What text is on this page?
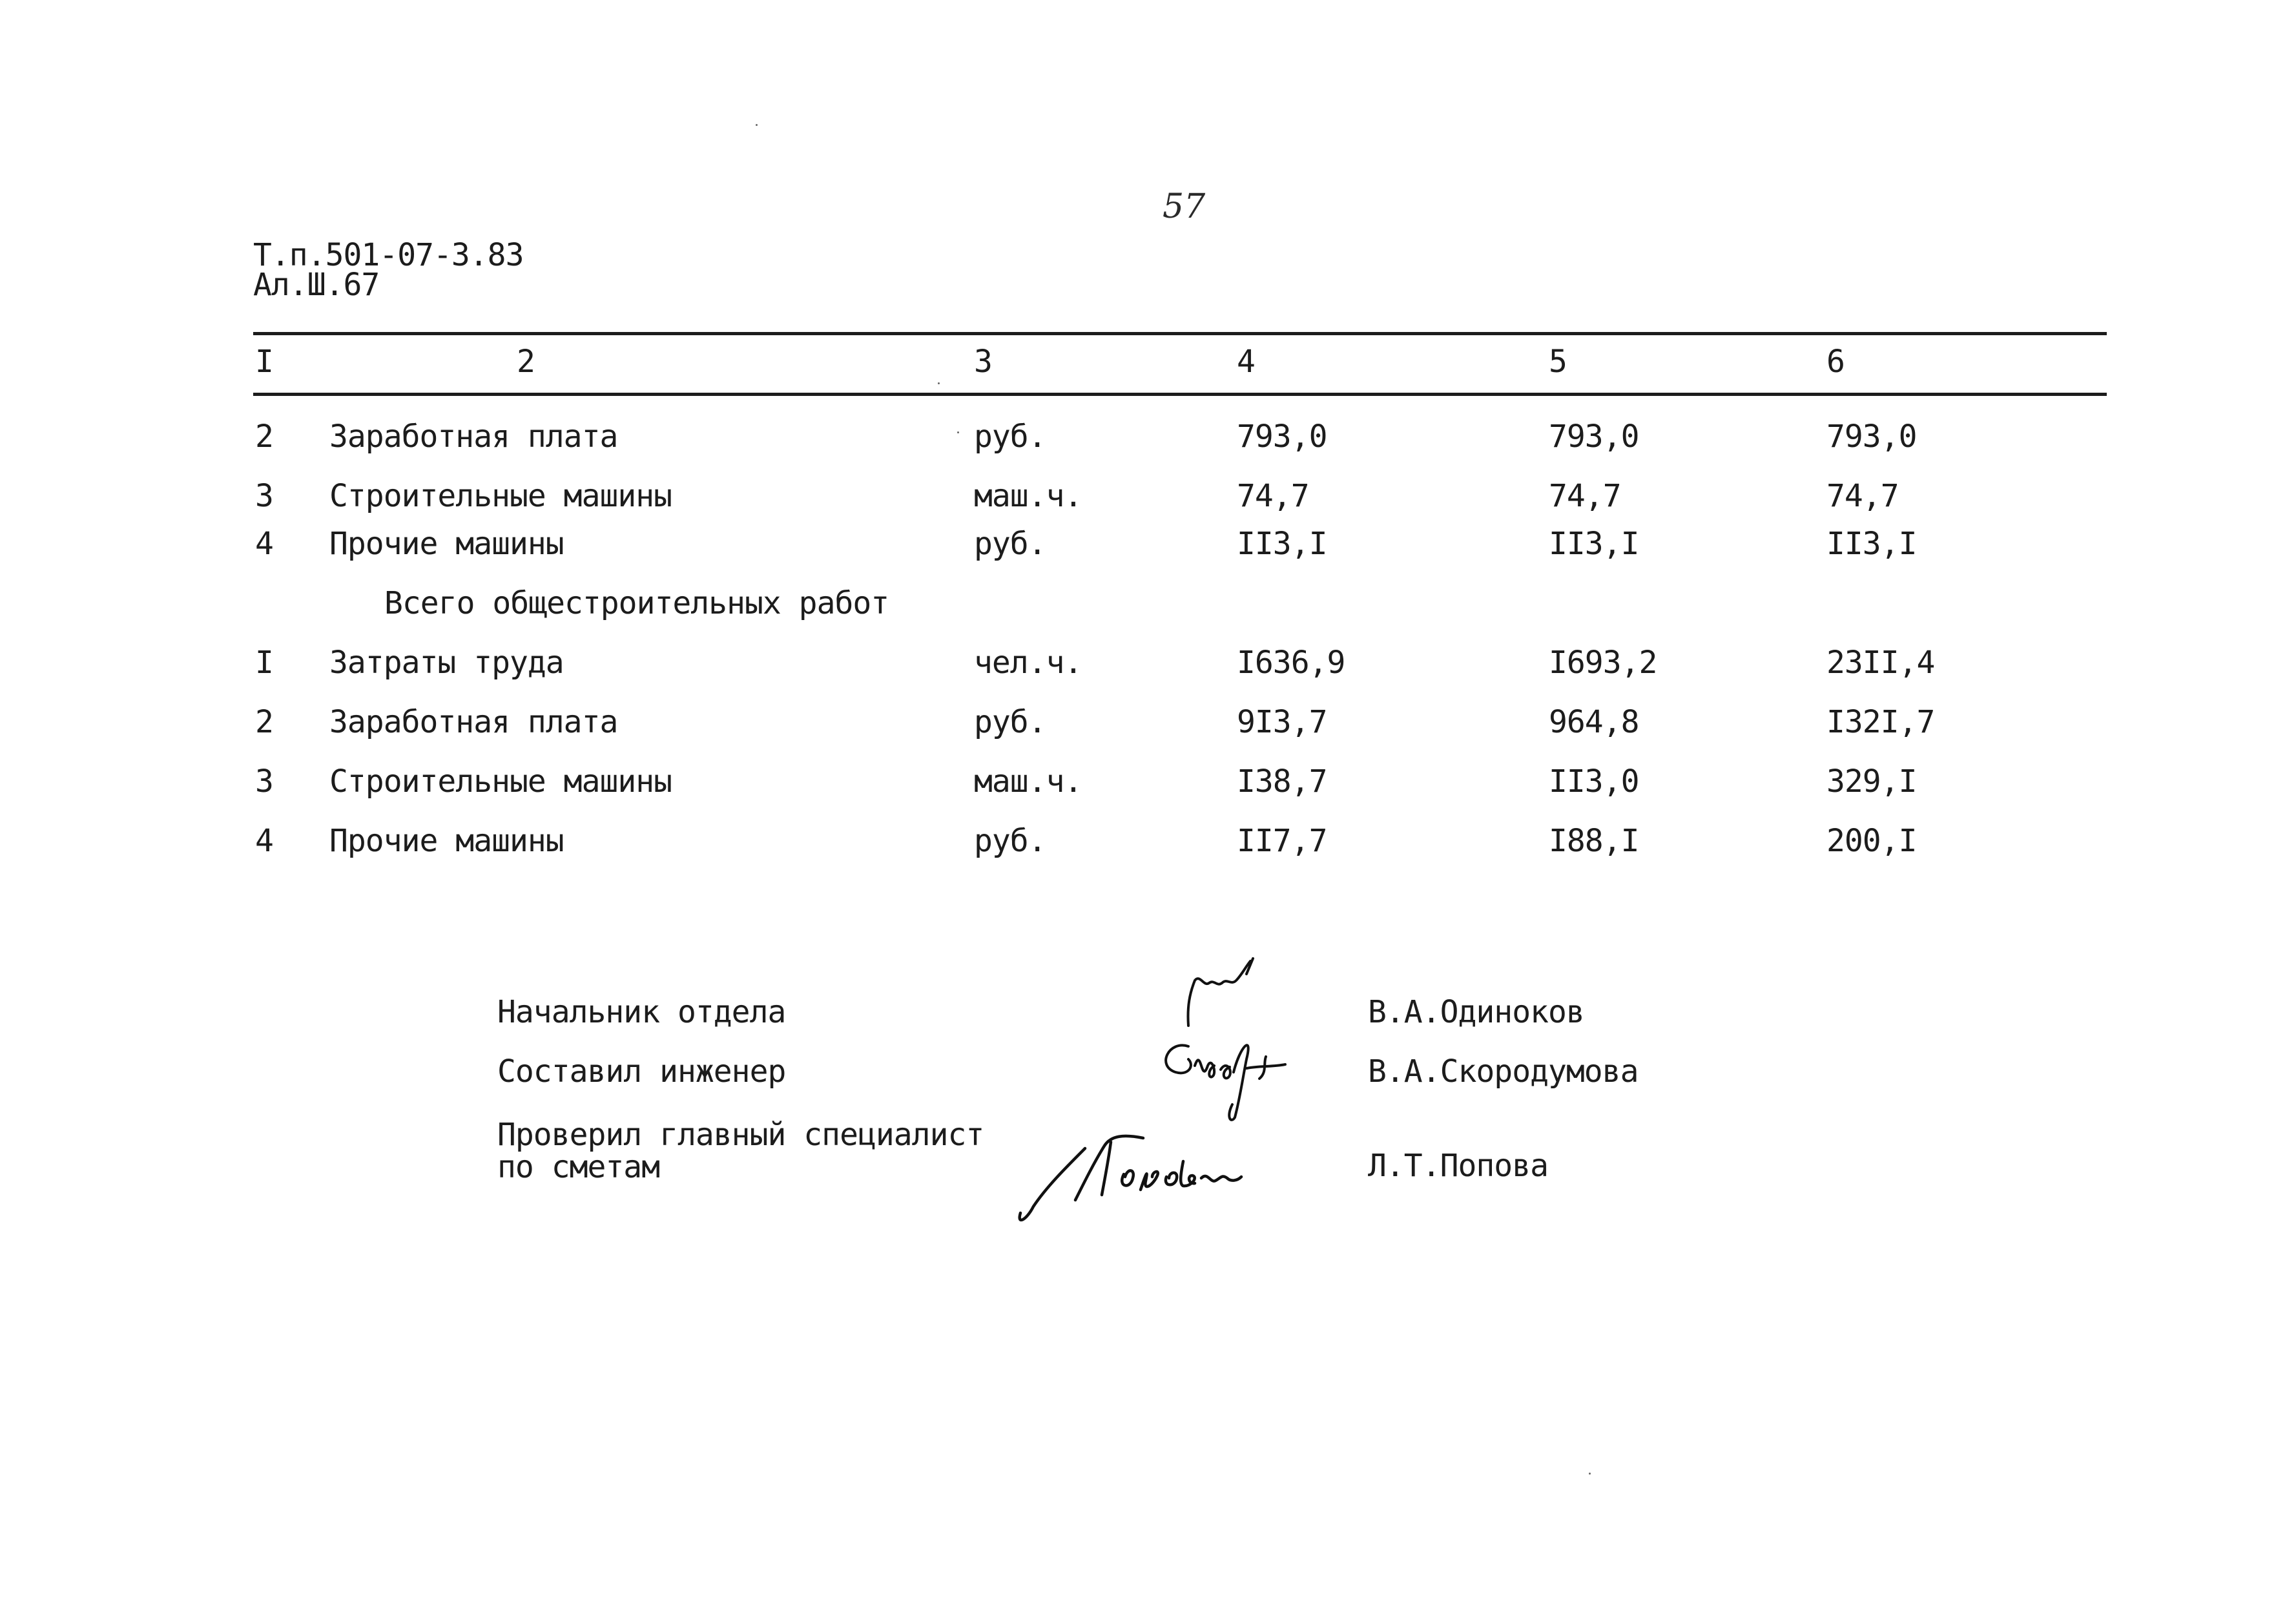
57
Т.п.501-07-3.83
Ал.Ш.67
I	2	3	4	5	6
2 Заработная плата	руб.	793,0	793,0	793,0
3 Строительные машины	маш.ч.	74,7	74,7	74,7
4 Прочие машины	руб.	II3,I	II3,I	II3,I
Всего общестроительных работ
I Затраты труда	чел.ч.	I636,9	I693,2	23II,4
2 Заработная плата	руб.	9I3,7	964,8	I32I,7
3 Строительные машины	маш.ч.	I38,7	II3,0	329,I
4 Прочие машины	руб.	II7,7	I88,I	200,I
Начальник отдела	В.А.Одиноков
Составил инженер	В.А.Скородумова
Проверил главный специалист
по сметам	Л.Т.Попова
